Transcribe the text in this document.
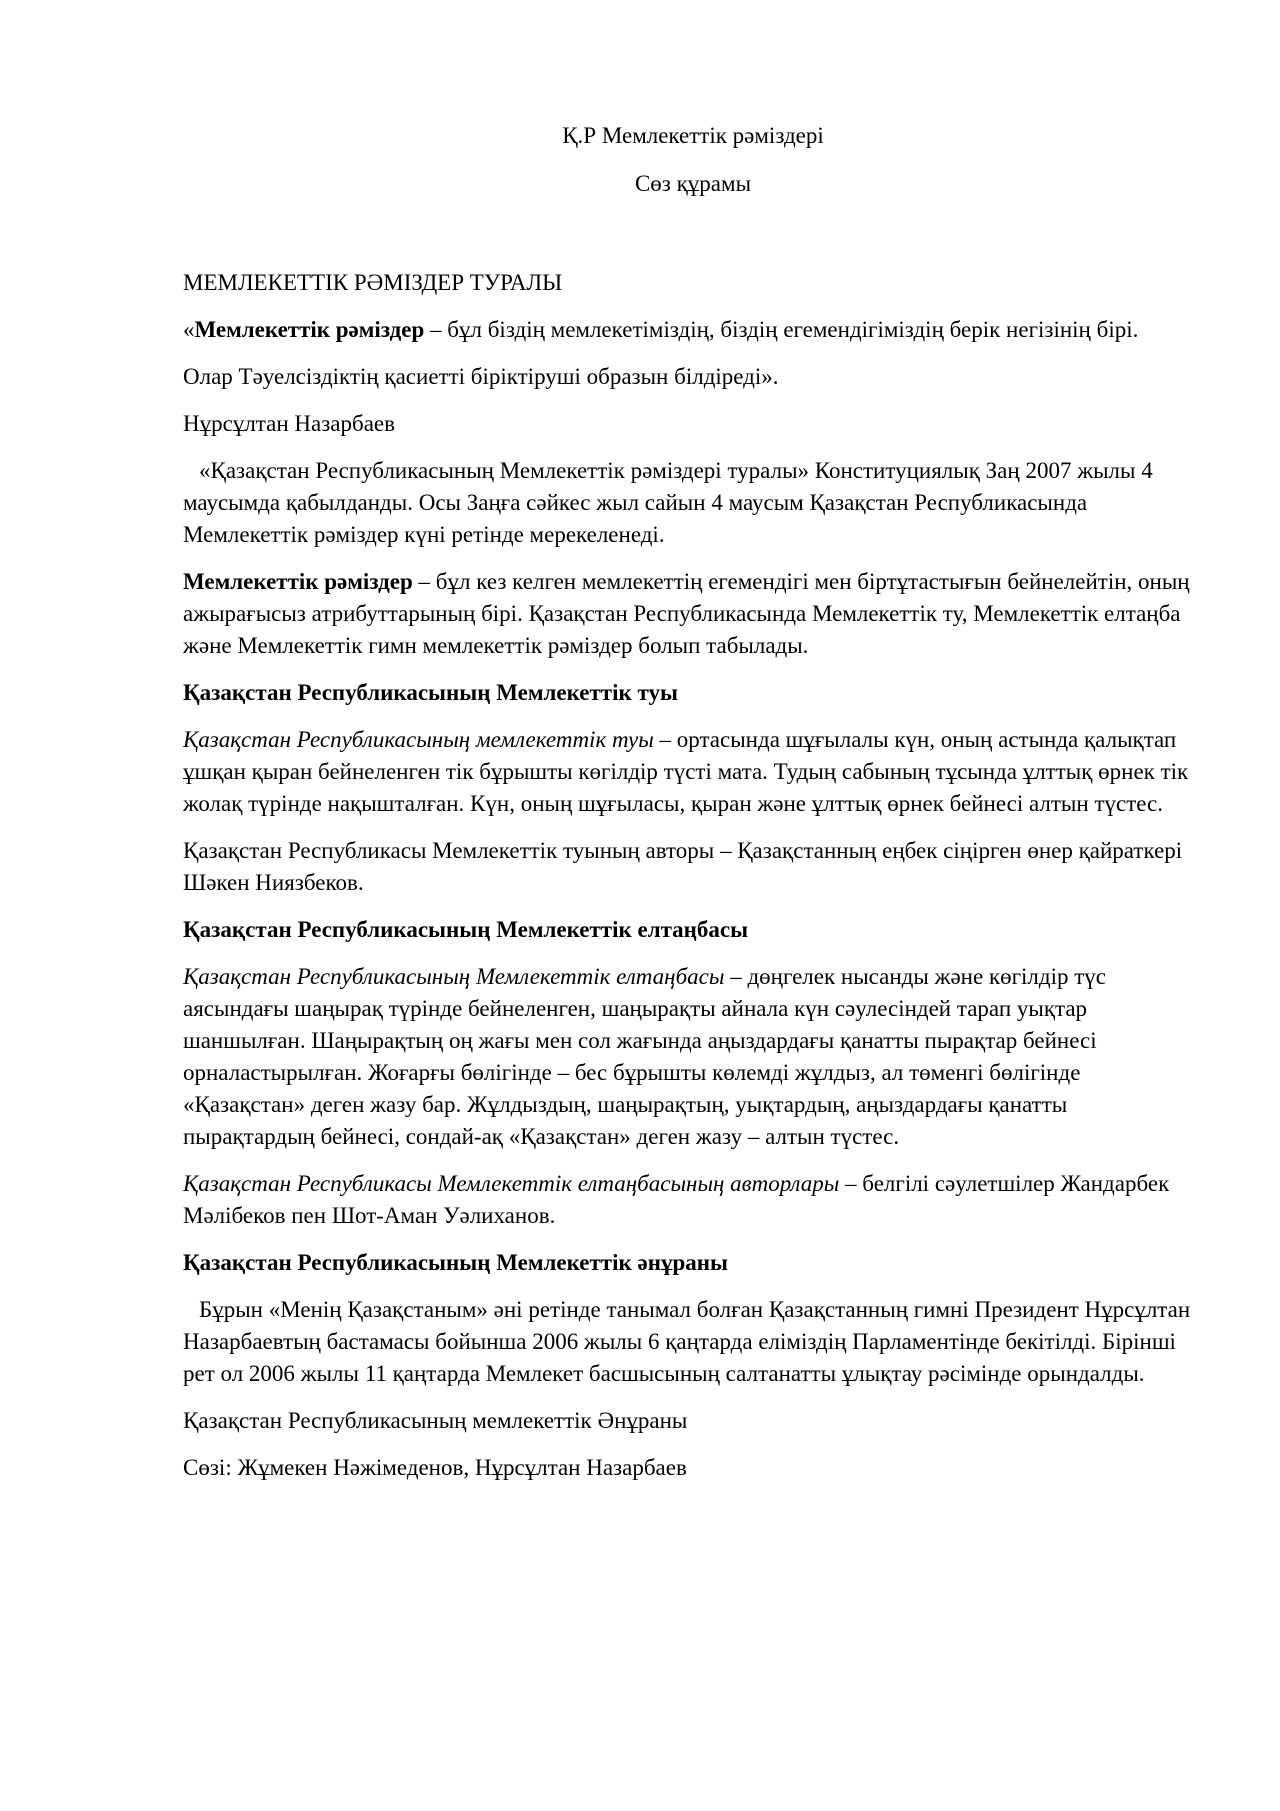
Қ.Р Мемлекеттік рәміздері

Сөз құрамы

МЕМЛЕКЕТТІК РӘМІЗДЕР ТУРАЛЫ

«Мемлекеттік рәміздер – бұл біздің мемлекетіміздің, біздің егемендігіміздің берік негізінің бірі.

Олар Тәуелсіздіктің қасиетті біріктіруші образын білдіреді».

Нұрсұлтан Назарбаев

«Қазақстан Республикасының Мемлекеттік рәміздері туралы» Конституциялық Заң 2007 жылы 4 маусымда қабылданды. Осы Заңға сәйкес жыл сайын 4 маусым Қазақстан Республикасында Мемлекеттік рәміздер күні ретінде мерекеленеді.

Мемлекеттік рәміздер – бұл кез келген мемлекеттің егемендігі мен біртұтастығын бейнелейтін, оның ажырағысыз атрибуттарының бірі. Қазақстан Республикасында Мемлекеттік ту, Мемлекеттік елтаңба және Мемлекеттік гимн мемлекеттік рәміздер болып табылады.

Қазақстан Республикасының Мемлекеттік туы

Қазақстан Республикасының мемлекеттік туы – ортасында шұғылалы күн, оның астында қалықтап ұшқан қыран бейнеленген тік бұрышты көгілдір түсті мата. Тудың сабының тұсында ұлттық өрнек тік жолақ түрінде нақышталған. Күн, оның шұғыласы, қыран және ұлттық өрнек бейнесі алтын түстес.

Қазақстан Республикасы Мемлекеттік туының авторы – Қазақстанның еңбек сіңірген өнер қайраткері Шәкен Ниязбеков.

Қазақстан Республикасының Мемлекеттік елтаңбасы

Қазақстан Республикасының Мемлекеттік елтаңбасы – дөңгелек нысанды және көгілдір түс аясындағы шаңырақ түрінде бейнеленген, шаңырақты айнала күн сәулесіндей тарап уықтар шаншылған. Шаңырақтың оң жағы мен сол жағында аңыздардағы қанатты пырақтар бейнесі орналастырылған. Жоғарғы бөлігінде – бес бұрышты көлемді жұлдыз, ал төменгі бөлігінде «Қазақстан» деген жазу бар. Жұлдыздың, шаңырақтың, уықтардың, аңыздардағы қанатты пырақтардың бейнесі, сондай-ақ «Қазақстан» деген жазу – алтын түстес.

Қазақстан Республикасы Мемлекеттік елтаңбасының авторлары – белгілі сәулетшілер Жандарбек Мәлібеков пен Шот-Аман Уәлиханов.

Қазақстан Республикасының Мемлекеттік әнұраны

Бұрын «Менің Қазақстаным» әні ретінде танымал болған Қазақстанның гимні Президент Нұрсұлтан Назарбаевтың бастамасы бойынша 2006 жылы 6 қаңтарда еліміздің Парламентінде бекітілді. Бірінші рет ол 2006 жылы 11 қаңтарда Мемлекет басшысының салтанатты ұлықтау рәсімінде орындалды.

Қазақстан Республикасының мемлекеттік Әнұраны

Сөзі: Жұмекен Нәжімеденов, Нұрсұлтан Назарбаев
